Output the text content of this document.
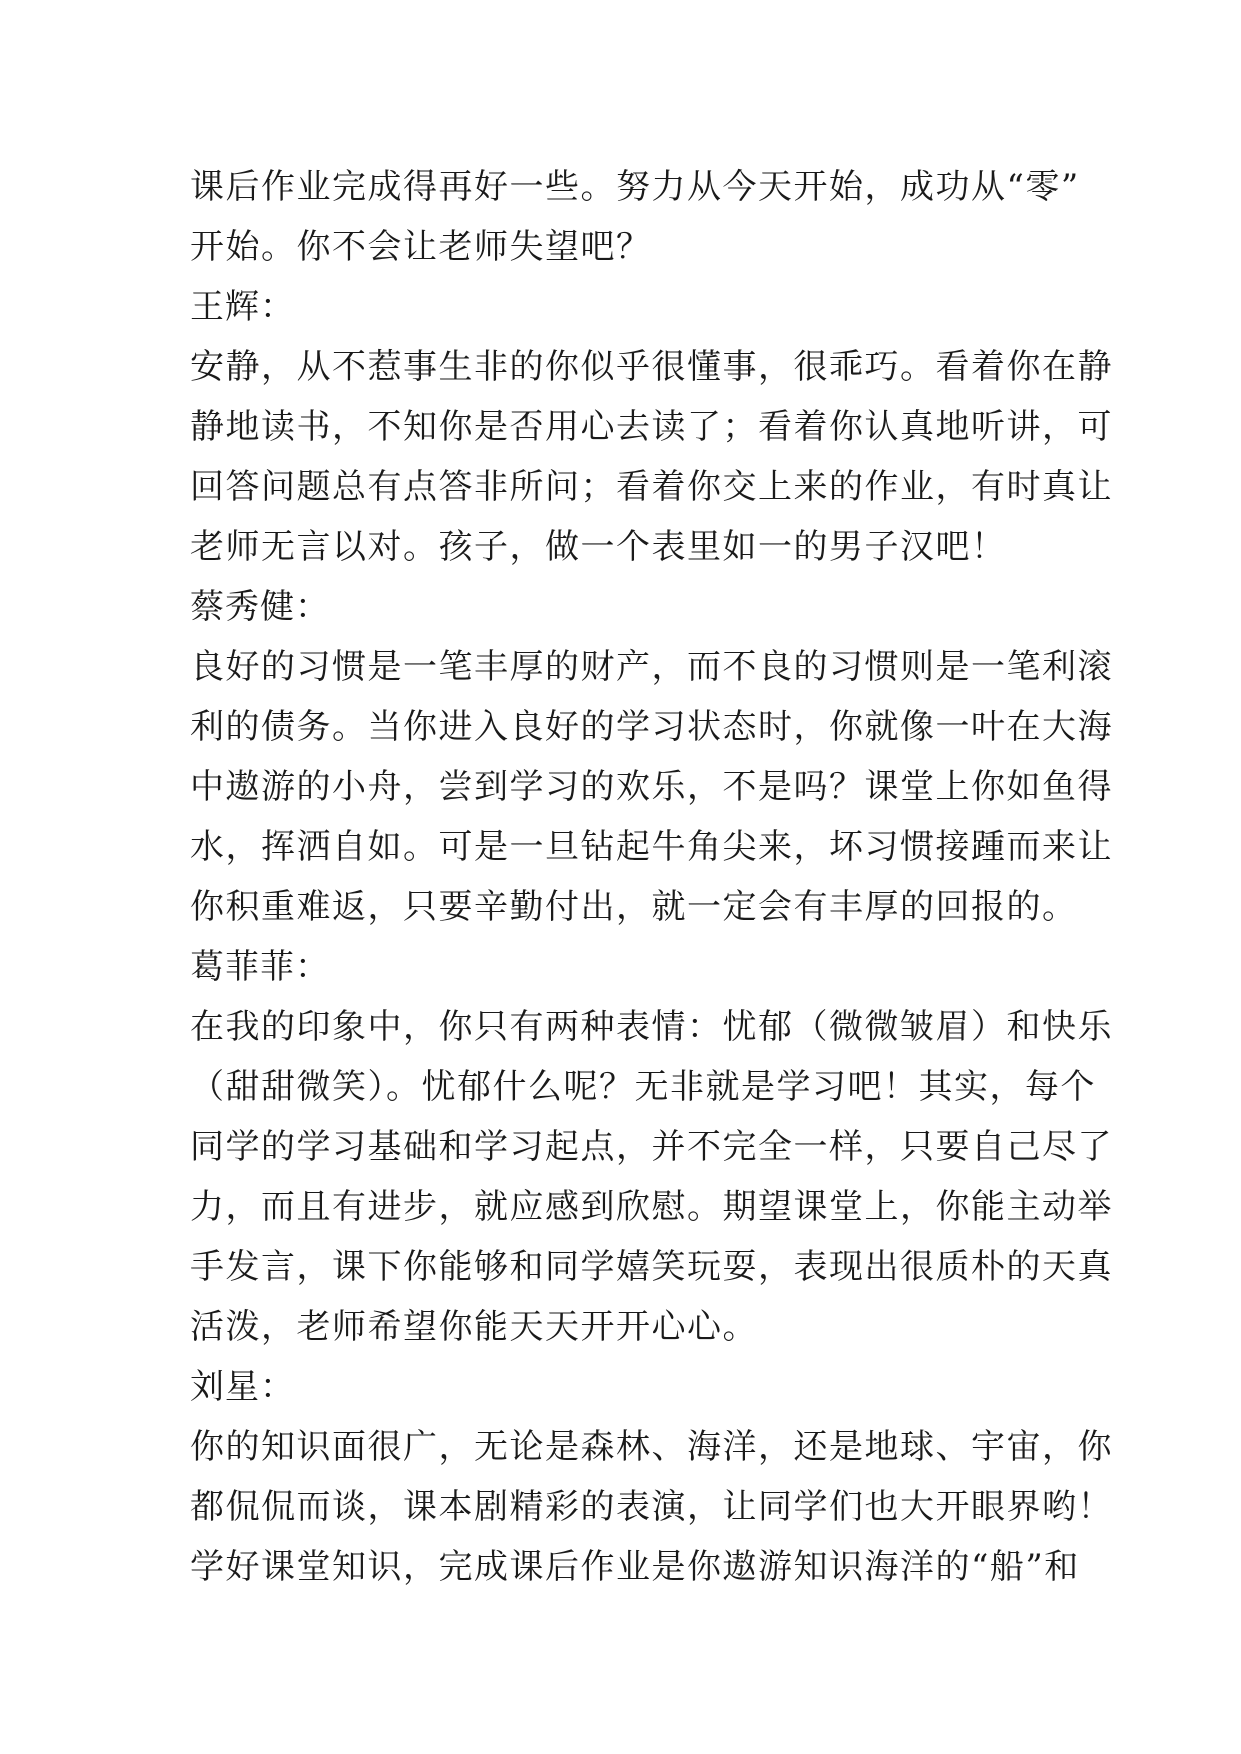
课后作业完成得再好一些。努力从今天开始，成功从“零”
开始。你不会让老师失望吧？
王辉：
安静，从不惹事生非的你似乎很懂事，很乖巧。看着你在静
静地读书，不知你是否用心去读了；看着你认真地听讲，可
回答问题总有点答非所问；看着你交上来的作业，有时真让
老师无言以对。孩子，做一个表里如一的男子汉吧！
蔡秀健：
良好的习惯是一笔丰厚的财产，而不良的习惯则是一笔利滚
利的债务。当你进入良好的学习状态时，你就像一叶在大海
中遨游的小舟，尝到学习的欢乐，不是吗？课堂上你如鱼得
水，挥洒自如。可是一旦钻起牛角尖来，坏习惯接踵而来让
你积重难返，只要辛勤付出，就一定会有丰厚的回报的。
葛菲菲：
在我的印象中，你只有两种表情：忧郁（微微皱眉）和快乐
（甜甜微笑）。忧郁什么呢？无非就是学习吧！其实，每个
同学的学习基础和学习起点，并不完全一样，只要自己尽了
力，而且有进步，就应感到欣慰。期望课堂上，你能主动举
手发言，课下你能够和同学嬉笑玩耍，表现出很质朴的天真
活泼，老师希望你能天天开开心心。
刘星：
你的知识面很广，无论是森林、海洋，还是地球、宇宙，你
都侃侃而谈，课本剧精彩的表演，让同学们也大开眼界哟！
学好课堂知识，完成课后作业是你遨游知识海洋的“船”和
